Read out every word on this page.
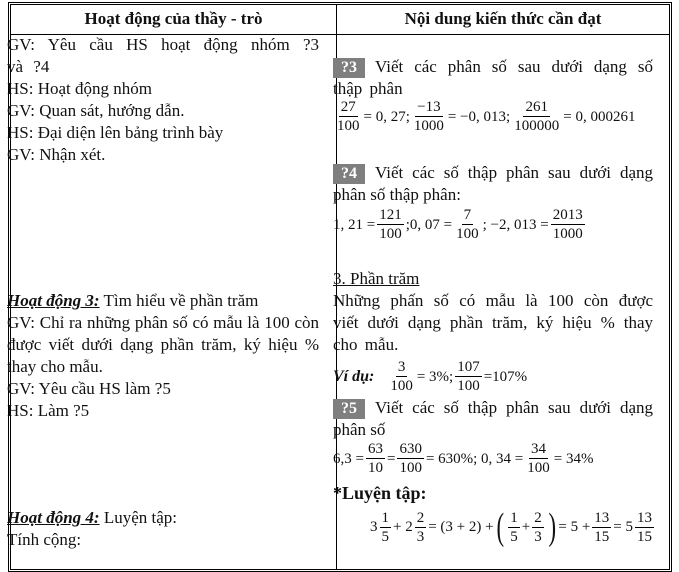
Hoạt động của thầy - trò	Nội dung kiến thức cần đạt
GV: Yêu cầu HS hoạt động nhóm ?3 và ?4
HS: Hoạt động nhóm
GV: Quan sát, hướng dẫn.
HS: Đại diện lên bảng trình bày
GV: Nhận xét.
Hoạt động 3: Tìm hiểu về phần trăm
GV: Chỉ ra những phân số có mẫu là 100 còn được viết dưới dạng phần trăm, ký hiệu % thay cho mẫu.
GV: Yêu cầu HS làm ?5
HS: Làm ?5
Hoạt động 4: Luyện tập:
Tính cộng:
?3 Viết các phân số sau dưới dạng số thập phân
$\frac{27}{100} = 0$, 27; $\frac{-13}{1000} = -0$, 013; $\frac{261}{100000} = 0$, 000261
?4 Viết các số thập phân sau dưới dạng phân số thập phân:
1, $21 = \frac{121}{100}$ ;0, $07 = \frac{7}{100}$ ; −2, $013 = \frac{2013}{1000}$
3. Phần trăm
Những phấn số có mẫu là 100 còn được viết dưới dạng phần trăm, ký hiệu % thay cho mẫu.
Ví dụ: $\frac{3}{100} = 3\%$; $\frac{107}{100} =107\%$
?5 Viết các số thập phân sau dưới dạng phân số
$6,3 = \frac{63}{10} = \frac{630}{100} = 630\%$; 0, $34 = \frac{34}{100} = 34\%$
*Luyện tập:
$3 \frac{1}{5} + 2 \frac{2}{3} = (3 + 2)$ + ( $\frac{1}{5} + \frac{2}{3}$ ) = $5 + \frac{13}{15} = 5 \frac{13}{15}$
